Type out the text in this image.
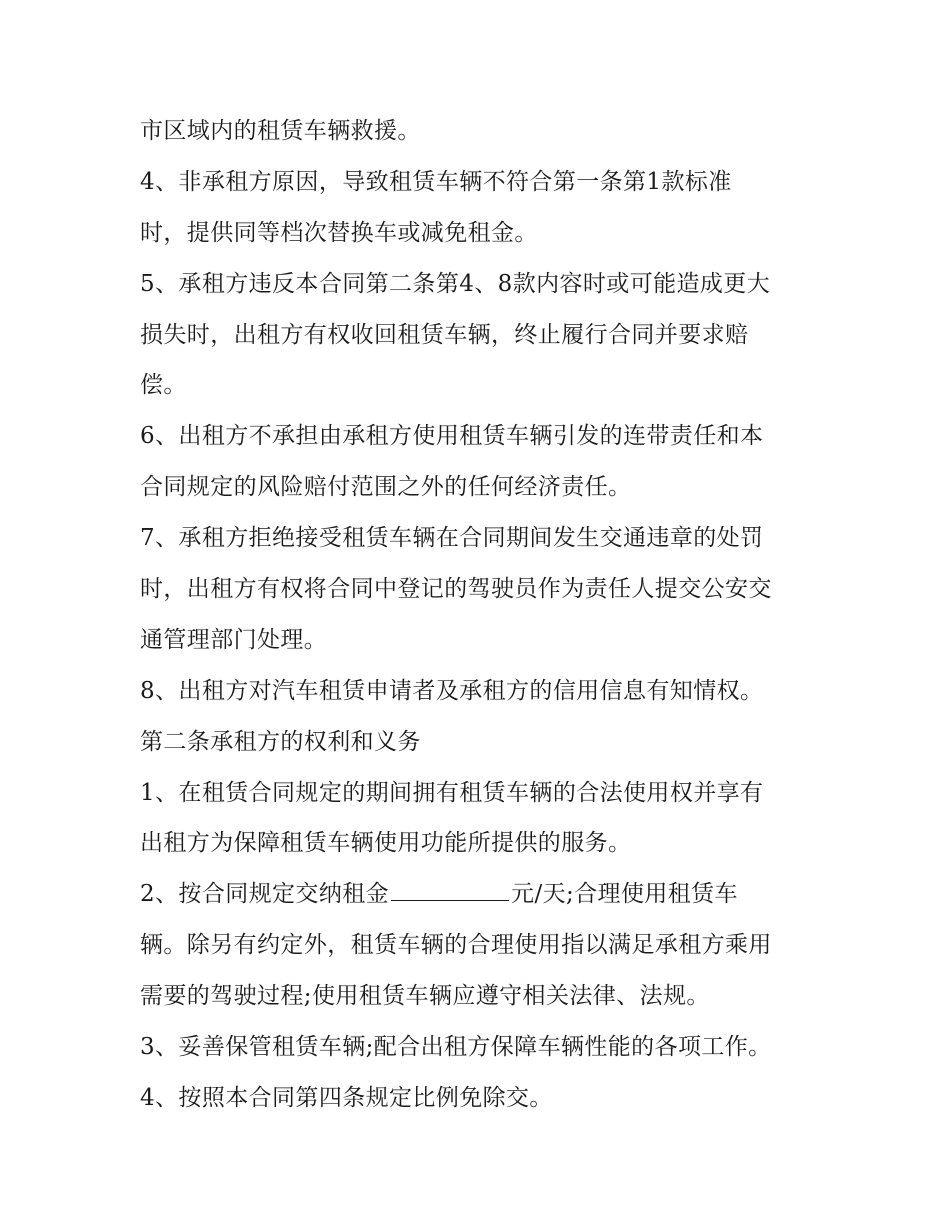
市区域内的租赁车辆救援。
4、非承租方原因，导致租赁车辆不符合第一条第1款标准
时，提供同等档次替换车或减免租金。
5、承租方违反本合同第二条第4、8款内容时或可能造成更大
损失时，出租方有权收回租赁车辆，终止履行合同并要求赔
偿。
6、出租方不承担由承租方使用租赁车辆引发的连带责任和本
合同规定的风险赔付范围之外的任何经济责任。
7、承租方拒绝接受租赁车辆在合同期间发生交通违章的处罚
时，出租方有权将合同中登记的驾驶员作为责任人提交公安交
通管理部门处理。
8、出租方对汽车租赁申请者及承租方的信用信息有知情权。
第二条承租方的权利和义务
1、在租赁合同规定的期间拥有租赁车辆的合法使用权并享有
出租方为保障租赁车辆使用功能所提供的服务。
2、按合同规定交纳租金	元/天;合理使用租赁车
辆。除另有约定外，租赁车辆的合理使用指以满足承租方乘用
需要的驾驶过程;使用租赁车辆应遵守相关法律、法规。
3、妥善保管租赁车辆;配合出租方保障车辆性能的各项工作。
4、按照本合同第四条规定比例免除交。
